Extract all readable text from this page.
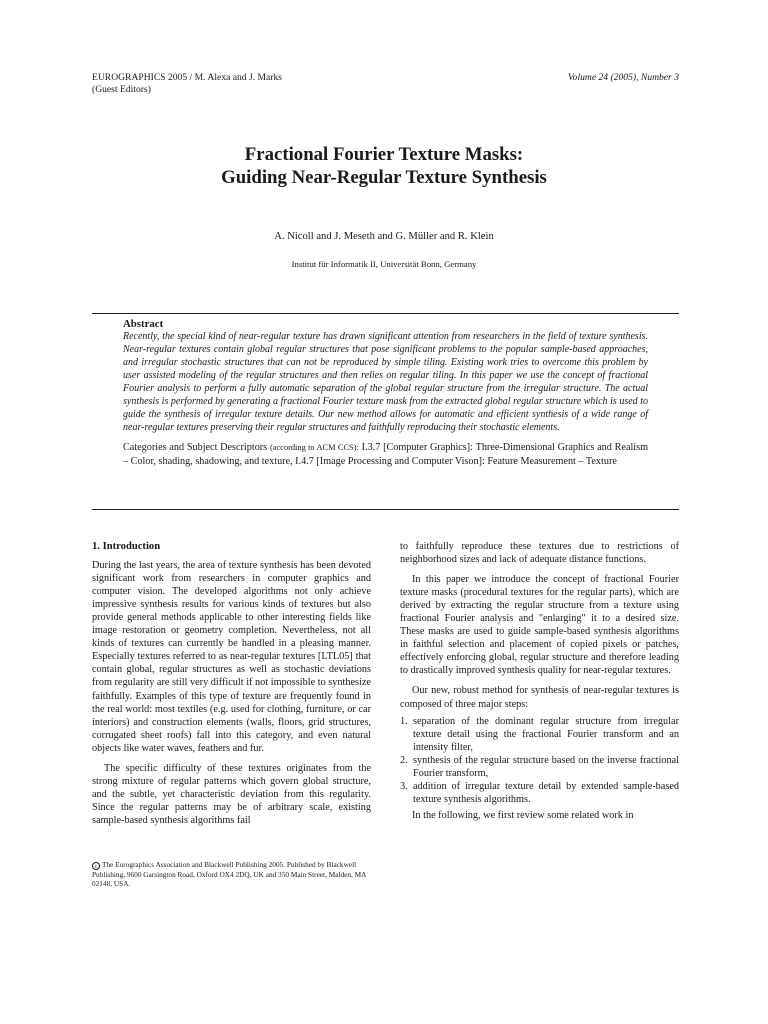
EUROGRAPHICS 2005 / M. Alexa and J. Marks
(Guest Editors)
Volume 24 (2005), Number 3
Fractional Fourier Texture Masks:
Guiding Near-Regular Texture Synthesis
A. Nicoll and J. Meseth and G. Müller and R. Klein
Institut für Informatik II, Universität Bonn, Germany
Abstract
Recently, the special kind of near-regular texture has drawn significant attention from researchers in the field of texture synthesis. Near-regular textures contain global regular structures that pose significant problems to the popular sample-based approaches, and irregular stochastic structures that can not be reproduced by simple tiling. Existing work tries to overcome this problem by user assisted modeling of the regular structures and then relies on regular tiling. In this paper we use the concept of fractional Fourier analysis to perform a fully automatic separation of the global regular structure from the irregular structure. The actual synthesis is performed by generating a fractional Fourier texture mask from the extracted global regular structure which is used to guide the synthesis of irregular texture details. Our new method allows for automatic and efficient synthesis of a wide range of near-regular textures preserving their regular structures and faithfully reproducing their stochastic elements.
Categories and Subject Descriptors (according to ACM CCS): I.3.7 [Computer Graphics]: Three-Dimensional Graphics and Realism – Color, shading, shadowing, and texture, I.4.7 [Image Processing and Computer Vison]: Feature Measurement – Texture

1. Introduction

During the last years, the area of texture synthesis has been devoted significant work from researchers in computer graphics and computer vision. The developed algorithms not only achieve impressive synthesis results for various kinds of textures but also provide general methods applicable to other interesting fields like image restoration or geometry completion. Nevertheless, not all kinds of textures can currently be handled in a pleasing manner. Especially textures referred to as near-regular textures [LTL05] that contain global, regular structures as well as stochastic deviations from regularity are still very difficult if not impossible to synthesize faithfully. Examples of this type of texture are frequently found in the real world: most textiles (e.g. used for clothing, furniture, or car interiors) and construction elements (walls, floors, grid structures, corrugated sheet roofs) fall into this category, and even natural objects like water waves, feathers and fur.

The specific difficulty of these textures originates from the strong mixture of regular patterns which govern global structure, and the subtle, yet characteristic deviation from this regularity. Since the regular patterns may be of arbitrary scale, existing sample-based synthesis algorithms fail

c The Eurographics Association and Blackwell Publishing 2005. Published by Blackwell Publishing, 9600 Garsington Road, Oxford OX4 2DQ, UK and 350 Main Street, Malden, MA 02148, USA.

to faithfully reproduce these textures due to restrictions of neighborhood sizes and lack of adequate distance functions.

In this paper we introduce the concept of fractional Fourier texture masks (procedural textures for the regular parts), which are derived by extracting the regular structure from a texture using fractional Fourier analysis and "enlarging" it to a desired size. These masks are used to guide sample-based synthesis algorithms in faithful selection and placement of copied pixels or patches, effectively enforcing global, regular structure and therefore leading to drastically improved synthesis quality for near-regular textures.

Our new, robust method for synthesis of near-regular textures is composed of three major steps:

1. separation of the dominant regular structure from irregular texture detail using the fractional Fourier transform and an intensity filter,
2. synthesis of the regular structure based on the inverse fractional Fourier transform,
3. addition of irregular texture detail by extended sample-based texture synthesis algorithms.

In the following, we first review some related work in
